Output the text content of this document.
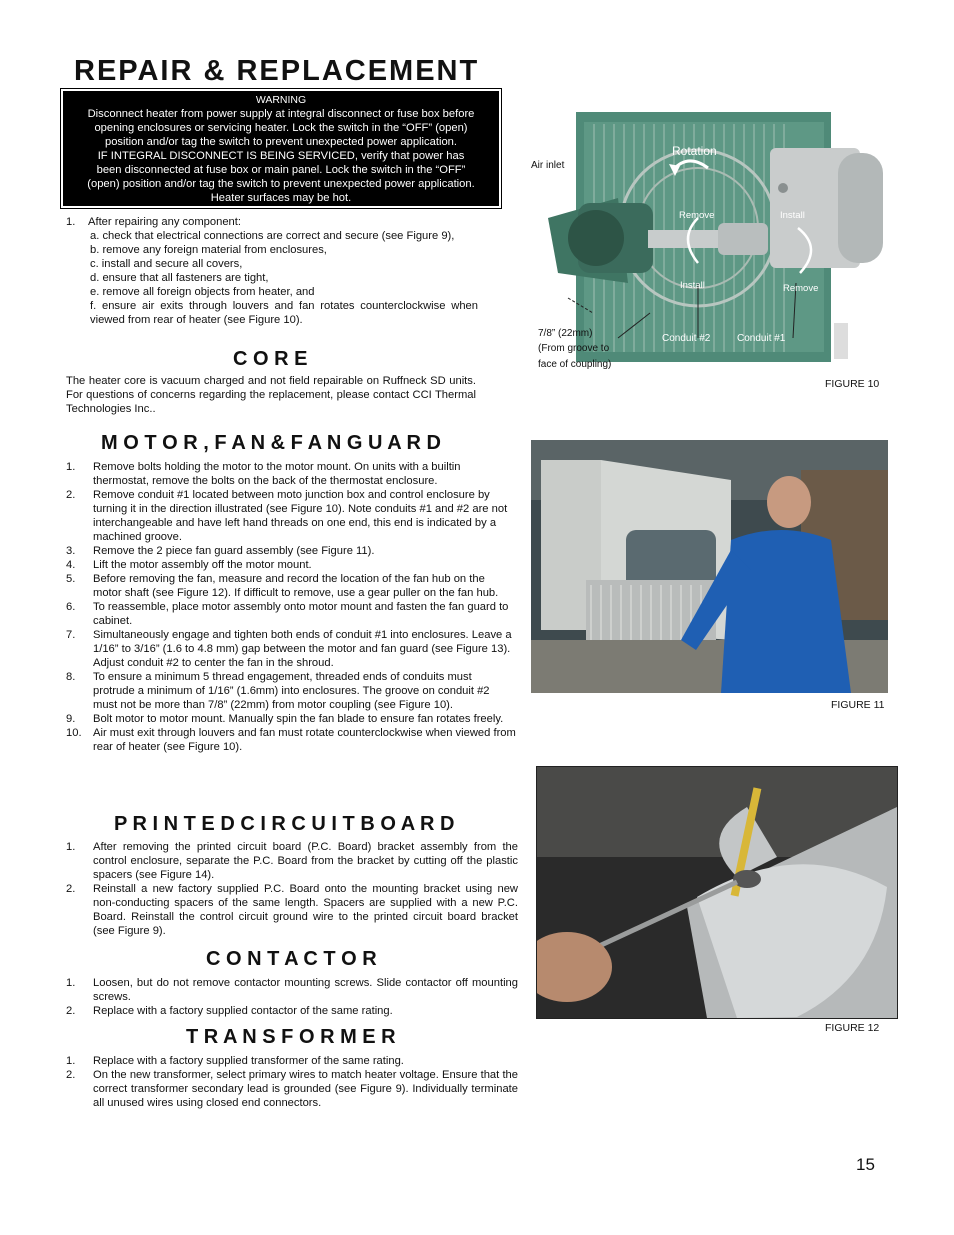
REPAIR & REPLACEMENT

WARNING

Disconnect heater from power supply at integral disconnect or fuse box before

opening enclosures or servicing heater. Lock the switch in the “OFF” (open)

position and/or tag the switch to prevent unexpected power application.

IF INTEGRAL DISCONNECT IS BEING SERVICED, verify that power has

been disconnected at fuse box or main panel. Lock the switch in the “OFF”

(open) position and/or tag the switch to prevent unexpected power application.

Heater surfaces may be hot.

1. After repairing any component:
a. check that electrical connections are correct and secure (see Figure 9),
b. remove any foreign material from enclosures,
c. install and secure all covers,
d. ensure that all fasteners are tight,
e. remove all foreign objects from heater, and
f. ensure air exits through louvers and fan rotates counterclockwise when viewed from rear of heater (see Figure 10).
C O R E

The heater core is vacuum charged and not field repairable on Ruffneck SD units. For questions of concerns regarding the replacement, please contact CCI Thermal Technologies Inc..

M O T O R , F A N & F A N G U A R D
1. Remove bolts holding the motor to the motor mount. On units with a builtin thermostat, remove the bolts on the back of the thermostat enclosure.
2. Remove conduit #1 located between moto junction box and control enclosure by turning it in the direction illustrated (see Figure 10). Note conduits #1 and #2 are not interchangeable and have left hand threads on one end, this end is indicated by a machined groove.
3. Remove the 2 piece fan guard assembly (see Figure 11).
4. Lift the motor assembly off the motor mount.
5. Before removing the fan, measure and record the location of the fan hub on the motor shaft (see Figure 12). If difficult to remove, use a gear puller on the fan hub.
6. To reassemble, place motor assembly onto motor mount and fasten the fan guard to cabinet.
7. Simultaneously engage and tighten both ends of conduit #1 into enclosures. Leave a 1/16” to 3/16” (1.6 to 4.8 mm) gap between the motor and fan guard (see Figure 13). Adjust conduit #2 to center the fan in the shroud.
8. To ensure a minimum 5 thread engagement, threaded ends of conduits must protrude a minimum of 1/16” (1.6mm) into enclosures. The groove on conduit #2 must not be more than 7/8” (22mm) from motor coupling (see Figure 10).
9. Bolt motor to motor mount. Manually spin the fan blade to ensure fan rotates freely.
10. Air must exit through louvers and fan must rotate counterclockwise when viewed from rear of heater (see Figure 10).
P R I N T E D C I R C U I T B O A R D
1. After removing the printed circuit board (P.C. Board) bracket assembly from the control enclosure, separate the P.C. Board from the bracket by cutting off the plastic spacers (see Figure 14).
2. Reinstall a new factory supplied P.C. Board onto the mounting bracket using new non-conducting spacers of the same length. Spacers are supplied with a new P.C. Board. Reinstall the control circuit ground wire to the printed circuit board bracket (see Figure 9).
C O N T A C T O R
1. Loosen, but do not remove contactor mounting screws. Slide contactor off mounting screws.
2. Replace with a factory supplied contactor of the same rating.
T R A N S F O R M E R
1. Replace with a factory supplied transformer of the same rating.
2. On the new transformer, select primary wires to match heater voltage. Ensure that the correct transformer secondary lead is grounded (see Figure 9). Individually terminate all unused wires using closed end connectors.
Air inlet
Rotation
Remove	Install
Install	Remove
Conduit #2	Conduit #1
7/8” (22mm)
(From groove to
face of coupling)
FIGURE 10
FIGURE 11
FIGURE 12
15
